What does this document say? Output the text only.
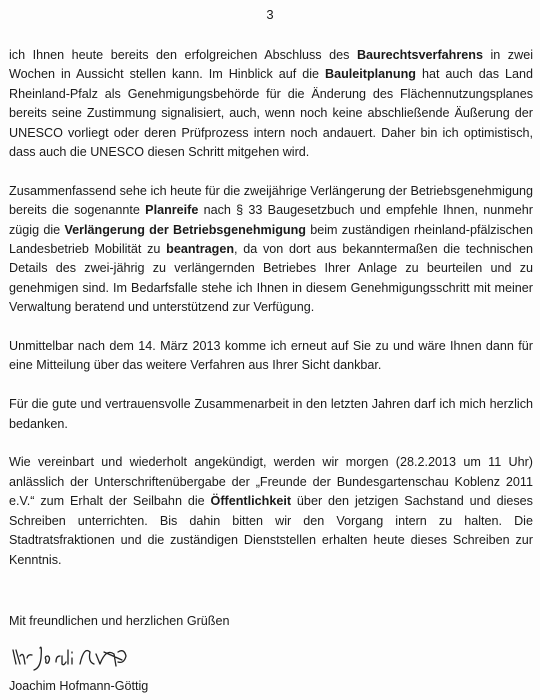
3

ich Ihnen heute bereits den erfolgreichen Abschluss des Baurechtsverfahrens in zwei Wochen in Aussicht stellen kann. Im Hinblick auf die Bauleitplanung hat auch das Land Rheinland-Pfalz als Genehmigungsbehörde für die Änderung des Flächennutzungsplanes bereits seine Zustimmung signalisiert, auch, wenn noch keine abschließende Äußerung der UNESCO vorliegt oder deren Prüfprozess intern noch andauert. Daher bin ich optimistisch, dass auch die UNESCO diesen Schritt mitgehen wird.

Zusammenfassend sehe ich heute für die zweijährige Verlängerung der Betriebsgenehmigung bereits die sogenannte Planreife nach § 33 Baugesetzbuch und empfehle Ihnen, nunmehr zügig die Verlängerung der Betriebsgenehmigung beim zuständigen rheinland-pfälzischen Landesbetrieb Mobilität zu beantragen, da von dort aus bekanntermaßen die technischen Details des zwei-jährig zu verlängernden Betriebes Ihrer Anlage zu beurteilen und zu genehmigen sind. Im Bedarfsfalle stehe ich Ihnen in diesem Genehmigungsschritt mit meiner Verwaltung beratend und unterstützend zur Verfügung.

Unmittelbar nach dem 14. März 2013 komme ich erneut auf Sie zu und wäre Ihnen dann für eine Mitteilung über das weitere Verfahren aus Ihrer Sicht dankbar.

Für die gute und vertrauensvolle Zusammenarbeit in den letzten Jahren darf ich mich herzlich bedanken.

Wie vereinbart und wiederholt angekündigt, werden wir morgen (28.2.2013 um 11 Uhr) anlässlich der Unterschriftenübergabe der „Freunde der Bundesgartenschau Koblenz 2011 e.V.“ zum Erhalt der Seilbahn die Öffentlichkeit über den jetzigen Sachstand und dieses Schreiben unterrichten. Bis dahin bitten wir den Vorgang intern zu halten. Die Stadtratsfraktionen und die zuständigen Dienststellen erhalten heute dieses Schreiben zur Kenntnis.

Mit freundlichen und herzlichen Grüßen
Joachim Hofmann-Göttig
